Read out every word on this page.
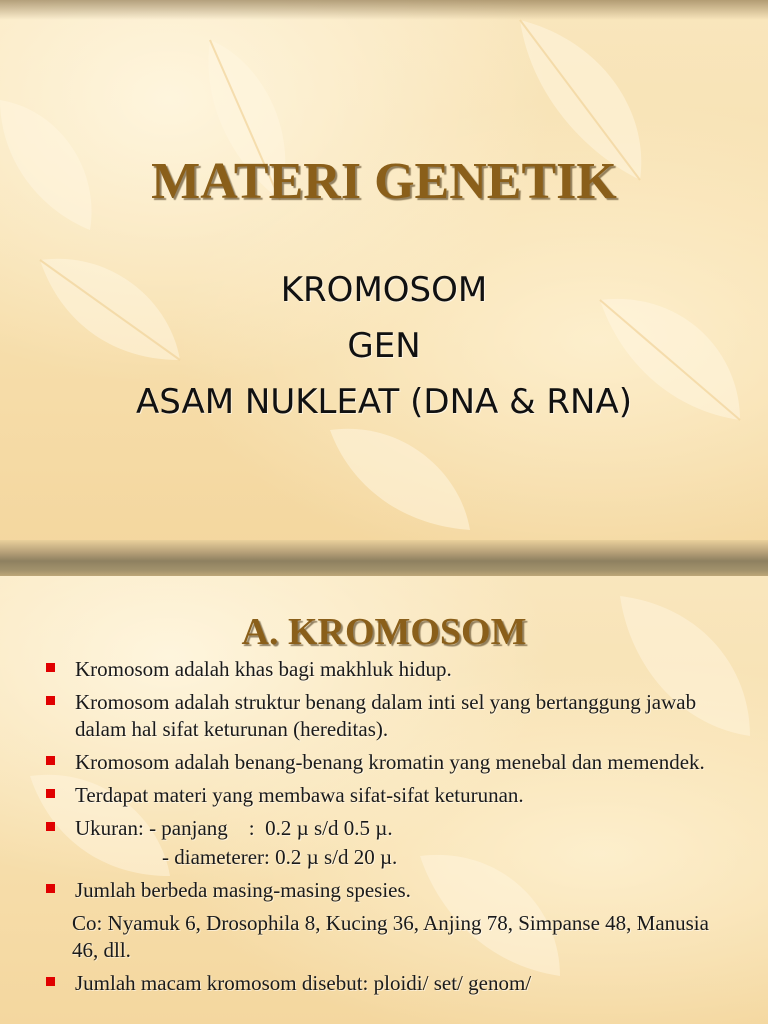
MATERI GENETIK
KROMOSOM
GEN
ASAM NUKLEAT (DNA & RNA)
A. KROMOSOM
Kromosom adalah khas bagi makhluk hidup.
Kromosom adalah struktur benang dalam inti sel yang bertanggung jawab dalam hal sifat keturunan (hereditas).
Kromosom adalah benang-benang kromatin yang menebal dan memendek.
Terdapat materi yang membawa sifat-sifat keturunan.
Ukuran: - panjang    :  0.2 µ s/d 0.5 µ.
- diameterer: 0.2 µ s/d 20 µ.
Jumlah berbeda masing-masing spesies.
Co: Nyamuk 6, Drosophila 8, Kucing 36, Anjing 78, Simpanse 48, Manusia 46, dll.
Jumlah macam kromosom disebut: ploidi/ set/ genom/
